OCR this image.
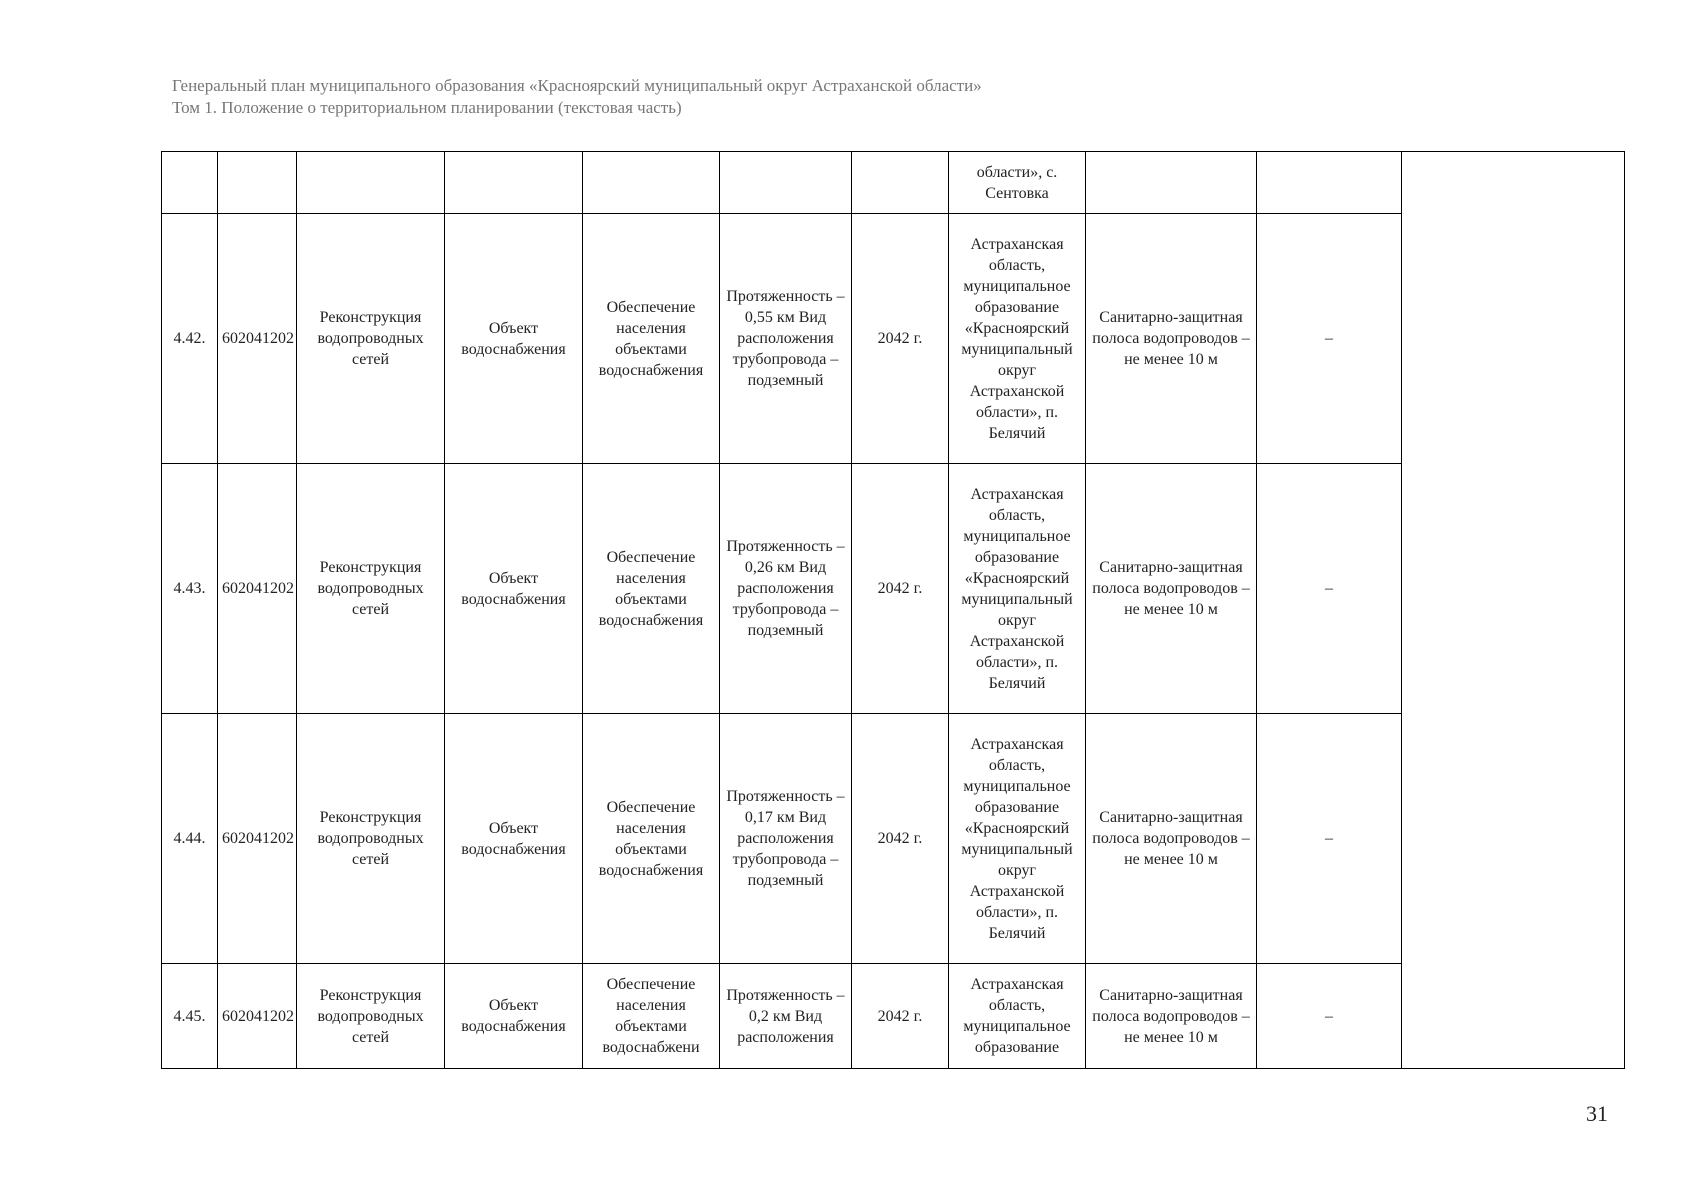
Генеральный план муниципального образования «Красноярский муниципальный округ Астраханской области»
Том 1. Положение о территориальном планировании (текстовая часть)
							области», с. Сентовка			
4.42.	602041202	Реконструкция водопроводных сетей	Объект водоснабжения	Обеспечение населения объектами водоснабжения	Протяженность – 0,55 км Вид расположения трубопровода – подземный	2042 г.	Астраханская область, муниципальное образование «Красноярский муниципальный округ Астраханской области», п. Белячий	Санитарно-защитная полоса водопроводов – не менее 10 м	–	
4.43.	602041202	Реконструкция водопроводных сетей	Объект водоснабжения	Обеспечение населения объектами водоснабжения	Протяженность – 0,26 км Вид расположения трубопровода – подземный	2042 г.	Астраханская область, муниципальное образование «Красноярский муниципальный округ Астраханской области», п. Белячий	Санитарно-защитная полоса водопроводов – не менее 10 м	–	
4.44.	602041202	Реконструкция водопроводных сетей	Объект водоснабжения	Обеспечение населения объектами водоснабжения	Протяженность – 0,17 км Вид расположения трубопровода – подземный	2042 г.	Астраханская область, муниципальное образование «Красноярский муниципальный округ Астраханской области», п. Белячий	Санитарно-защитная полоса водопроводов – не менее 10 м	–	
4.45.	602041202	Реконструкция водопроводных сетей	Объект водоснабжения	Обеспечение населения объектами водоснабжени	Протяженность – 0,2 км Вид расположения	2042 г.	Астраханская область, муниципальное образование	Санитарно-защитная полоса водопроводов – не менее 10 м	–	
31
